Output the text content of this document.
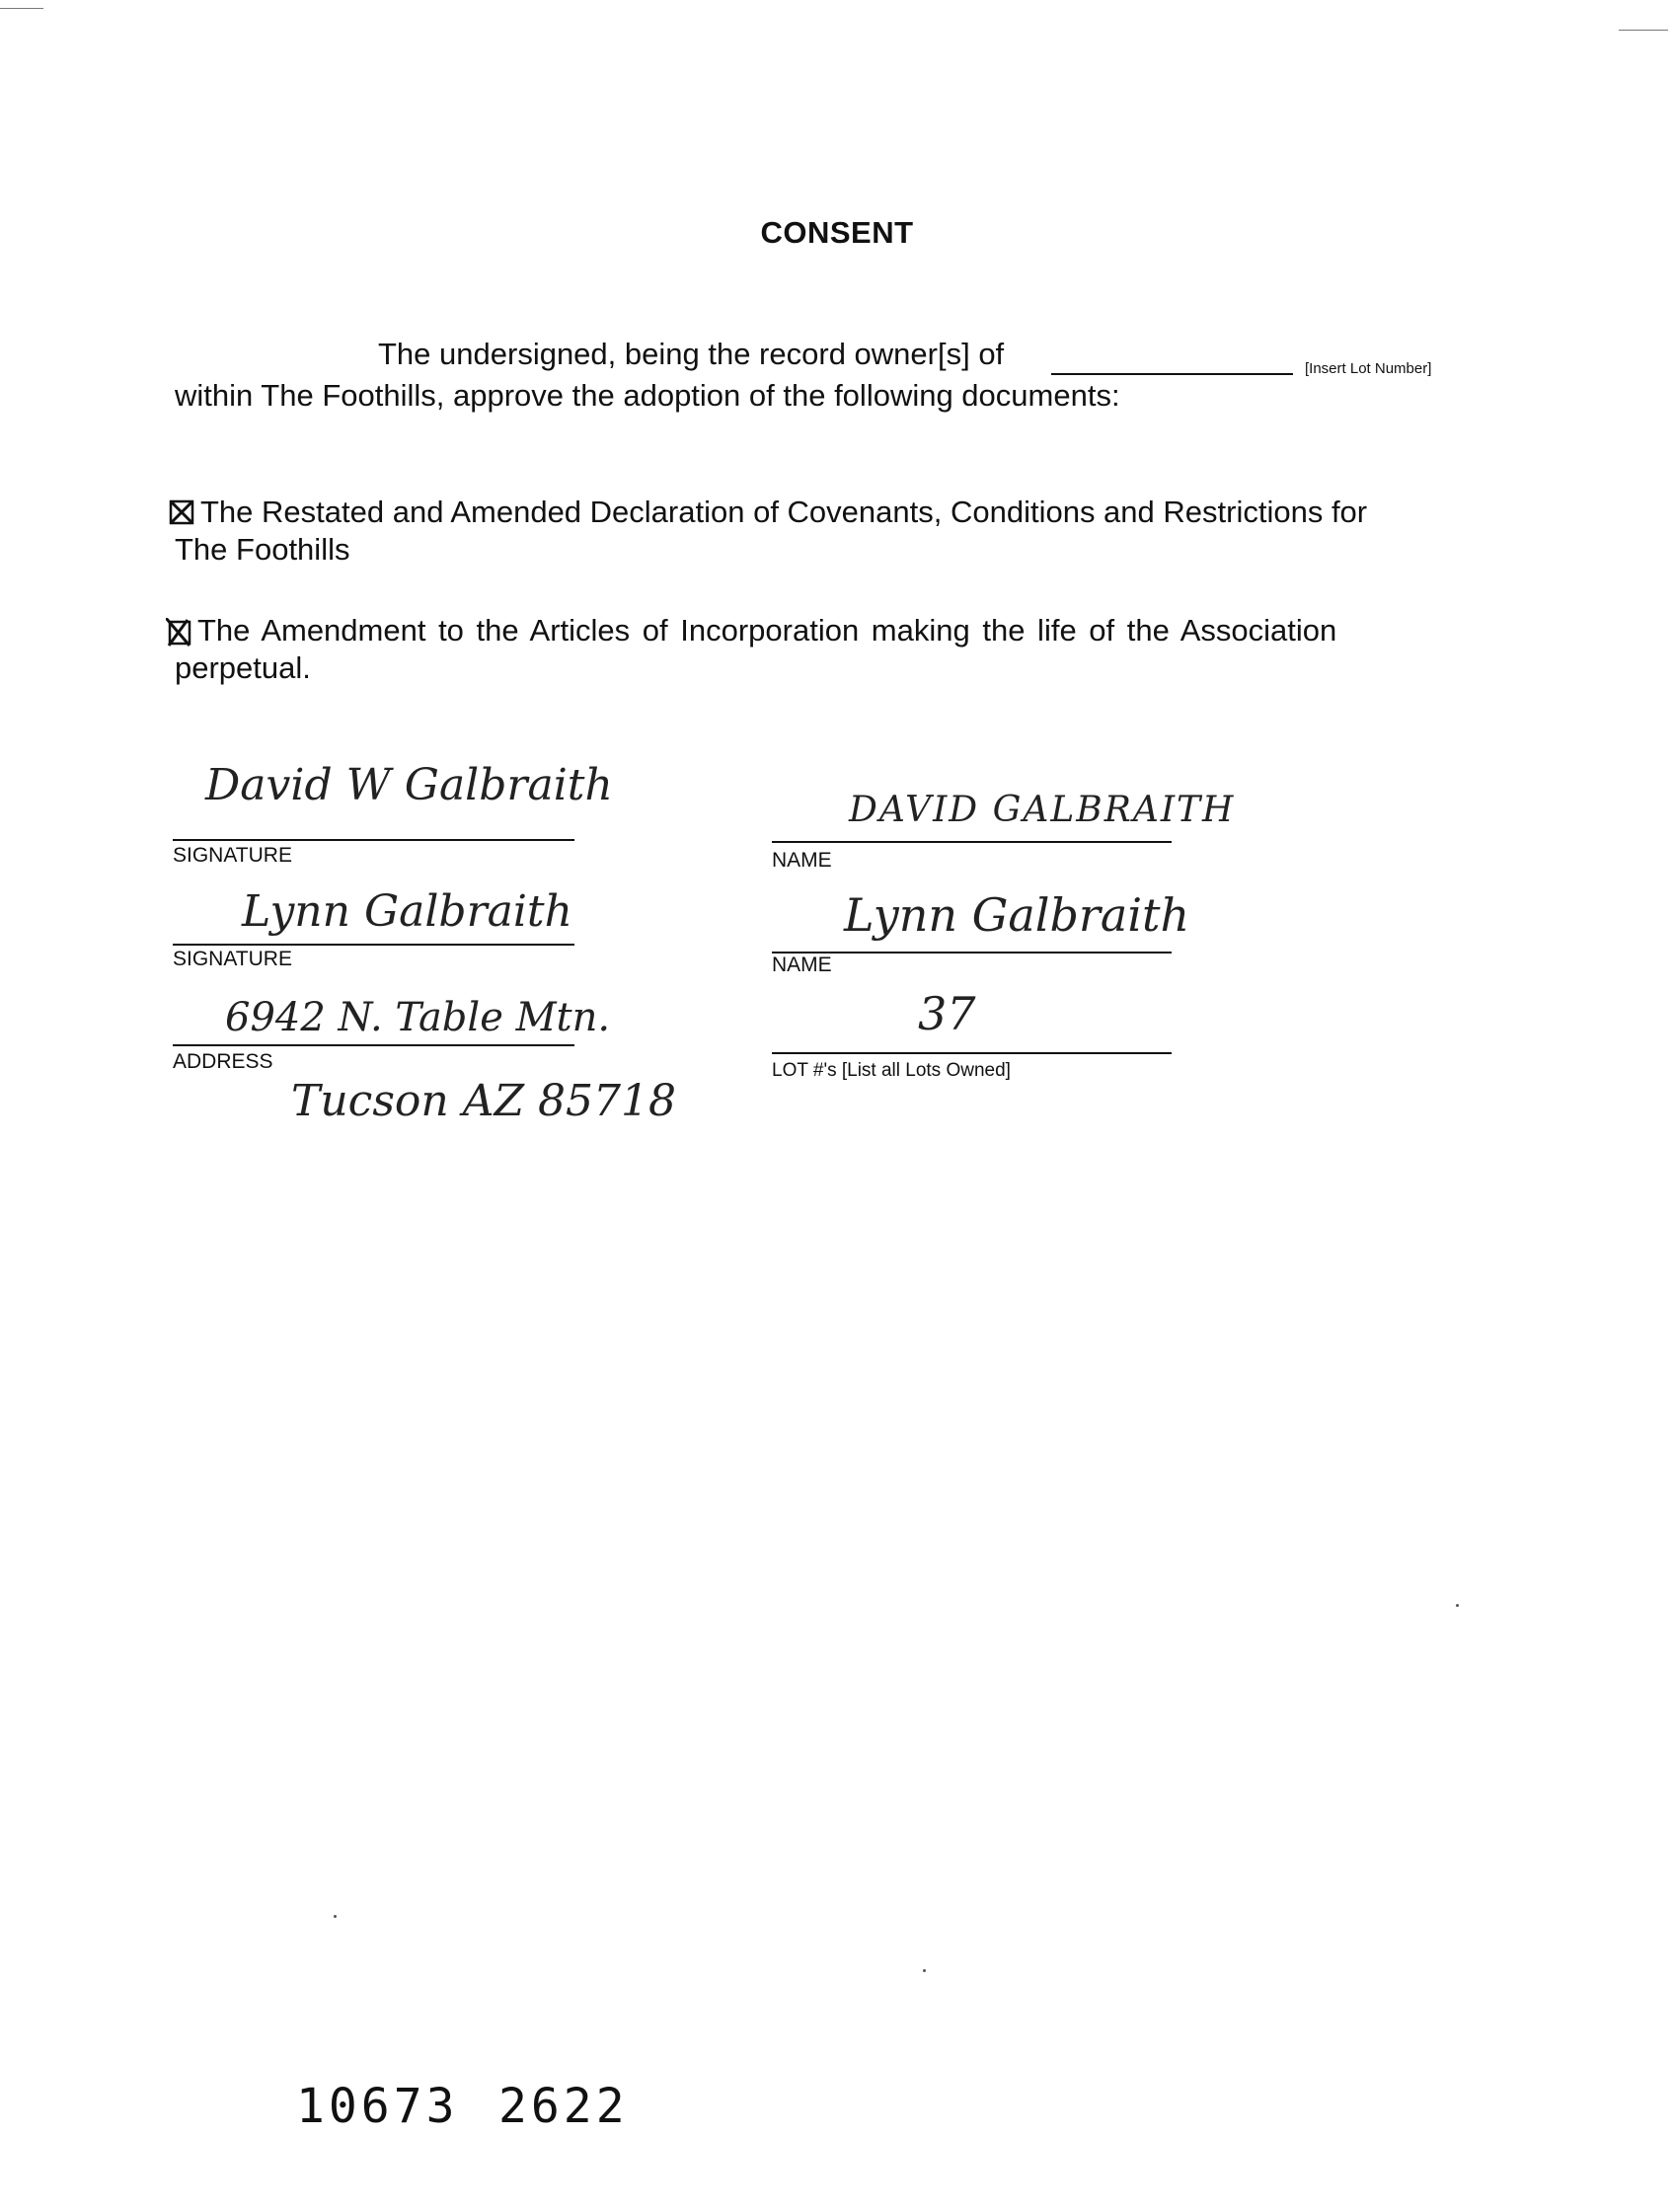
CONSENT
The undersigned, being the record owner[s] of	[Insert Lot Number]
within The Foothills, approve the adoption of the following documents:
The Restated and Amended Declaration of Covenants, Conditions and Restrictions for
The Foothills
The Amendment to the Articles of Incorporation making the life of the Association
perpetual.
David W Galbraith
SIGNATURE
DAVID GALBRAITH
NAME
Lynn Galbraith
SIGNATURE
Lynn Galbraith
NAME
6942 N. Table Mtn.
ADDRESS
Tucson AZ 85718
37
LOT #'s [List all Lots Owned]
10673 2622
